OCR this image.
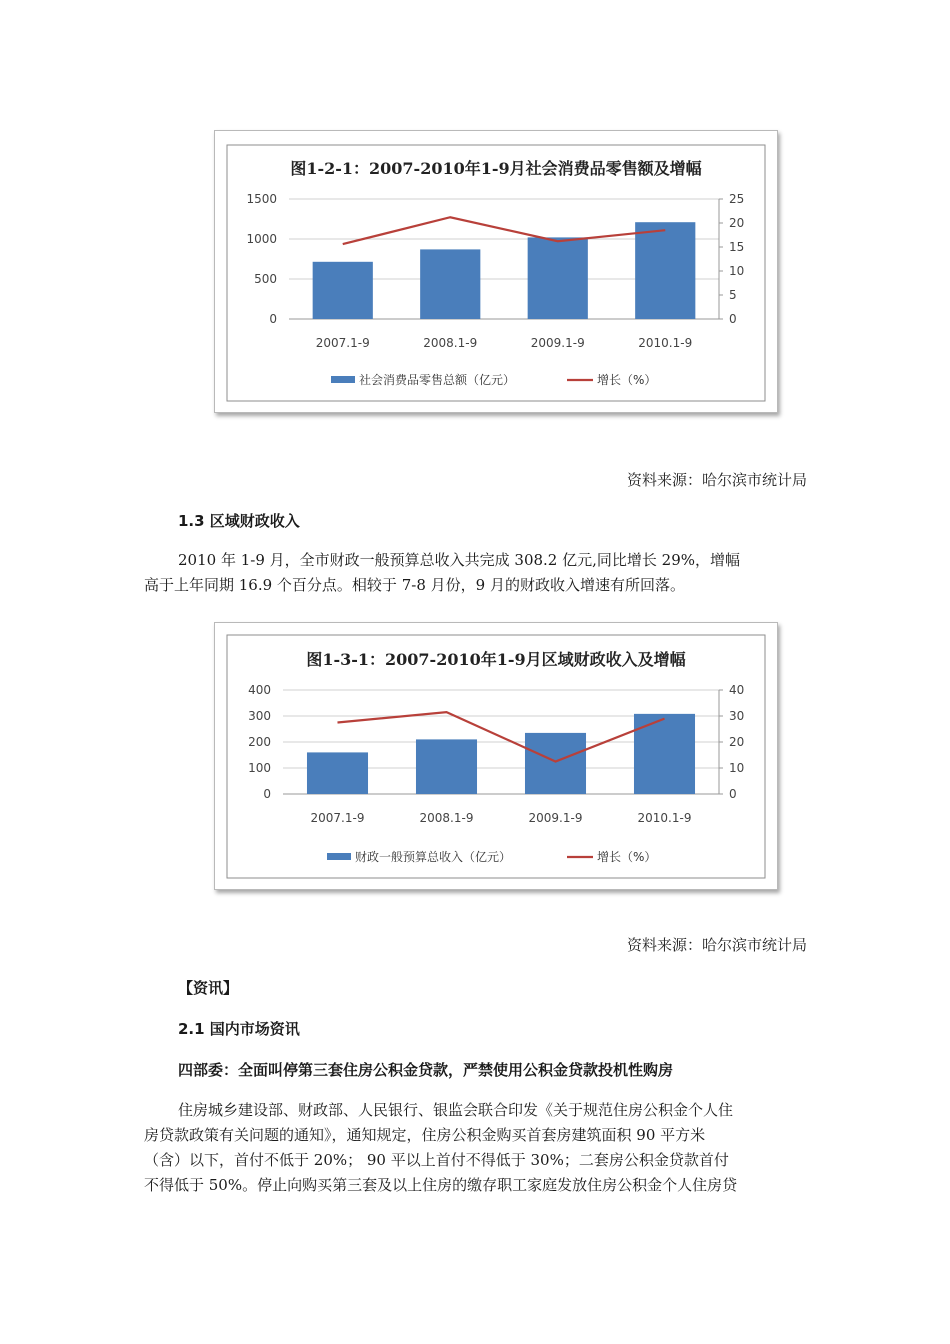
图1-2-1：2007-2010年1-9月社会消费品零售额及增幅
1500
1000
500
0
25
20
15
10
5
0
2007.1-9	2008.1-9	2009.1-9	2010.1-9
社会消费品零售总额（亿元）	增长（%）
资料来源：哈尔滨市统计局
1.3 区域财政收入
2010 年 1-9 月，全市财政一般预算总收入共完成 308.2 亿元,同比增长 29%，增幅
高于上年同期 16.9 个百分点。相较于 7-8 月份，9 月的财政收入增速有所回落。
图1-3-1：2007-2010年1-9月区域财政收入及增幅
400
300
200
100
0
40
30
20
10
0
2007.1-9	2008.1-9	2009.1-9	2010.1-9
财政一般预算总收入（亿元）	增长（%）
资料来源：哈尔滨市统计局
【资讯】
2.1 国内市场资讯
四部委：全面叫停第三套住房公积金贷款，严禁使用公积金贷款投机性购房
住房城乡建设部、财政部、人民银行、银监会联合印发《关于规范住房公积金个人住
房贷款政策有关问题的通知》，通知规定，住房公积金购买首套房建筑面积 90 平方米
（含）以下，首付不低于 20%； 90 平以上首付不得低于 30%；二套房公积金贷款首付
不得低于 50%。停止向购买第三套及以上住房的缴存职工家庭发放住房公积金个人住房贷
